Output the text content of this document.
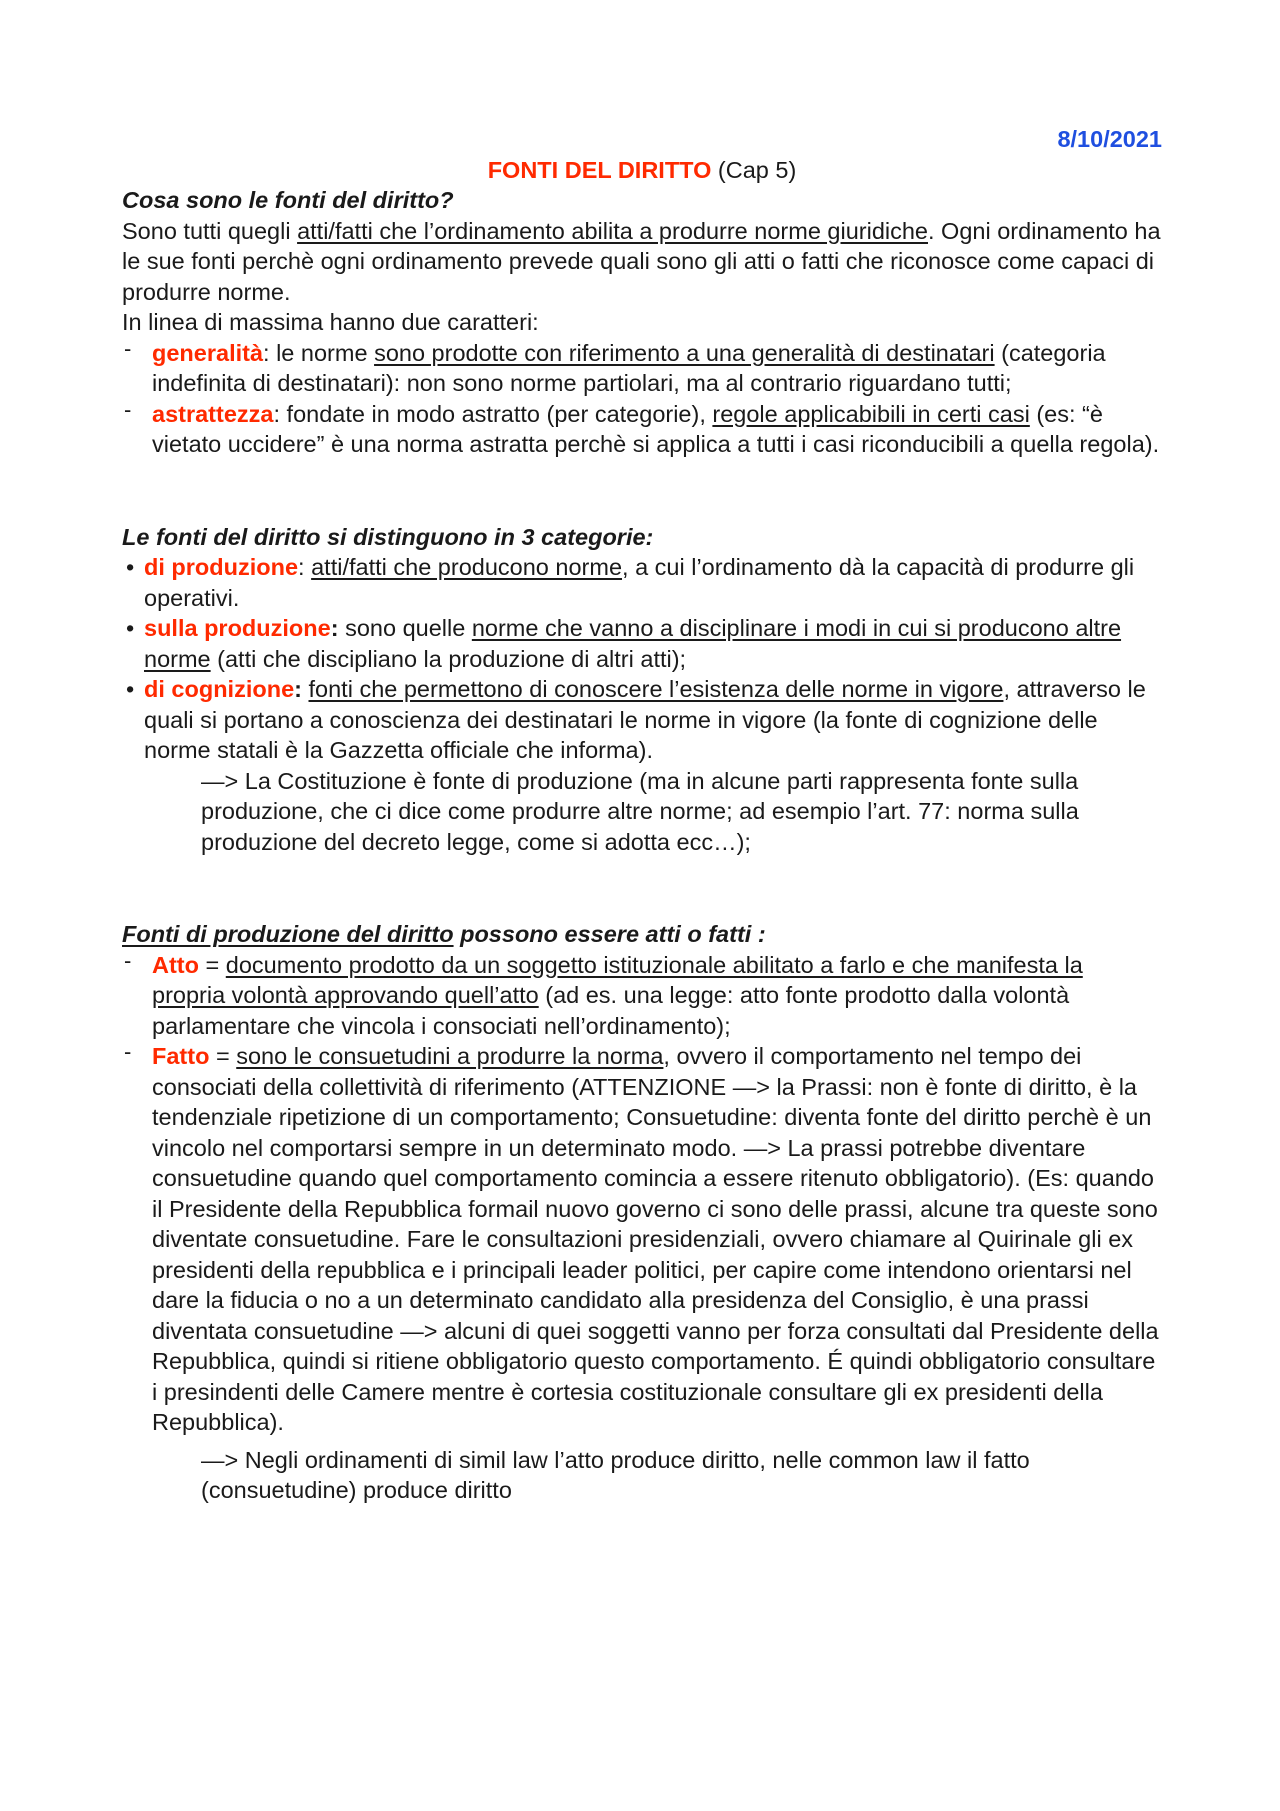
8/10/2021
FONTI DEL DIRITTO (Cap 5)

Cosa sono le fonti del diritto?

Sono tutti quegli atti/fatti che l’ordinamento abilita a produrre norme giuridiche. Ogni ordinamento ha le sue fonti perchè ogni ordinamento prevede quali sono gli atti o fatti che riconosce come capaci di produrre norme.

In linea di massima hanno due caratteri:

- generalità: le norme sono prodotte con riferimento a una generalità di destinatari (categoria indefinita di destinatari): non sono norme partiolari, ma al contrario riguardano tutti;
- astrattezza: fondate in modo astratto (per categorie), regole applicabibili in certi casi (es: “è vietato uccidere” è una norma astratta perchè si applica a tutti i casi riconducibili a quella regola).

Le fonti del diritto si distinguono in 3 categorie:

• di produzione: atti/fatti che producono norme, a cui l’ordinamento dà la capacità di produrre gli operativi.
• sulla produzione: sono quelle norme che vanno a disciplinare i modi in cui si producono altre norme (atti che discipliano la produzione di altri atti);
• di cognizione: fonti che permettono di conoscere l’esistenza delle norme in vigore, attraverso le quali si portano a conoscienza dei destinatari le norme in vigore (la fonte di cognizione delle norme statali è la Gazzetta officiale che informa).

—> La Costituzione è fonte di produzione (ma in alcune parti rappresenta fonte sulla produzione, che ci dice come produrre altre norme; ad esempio l’art. 77: norma sulla produzione del decreto legge, come si adotta ecc…);

Fonti di produzione del diritto possono essere atti o fatti :

- Atto = documento prodotto da un soggetto istituzionale abilitato a farlo e che manifesta la propria volontà approvando quell’atto (ad es. una legge: atto fonte prodotto dalla volontà parlamentare che vincola i consociati nell’ordinamento);
- Fatto = sono le consuetudini a produrre la norma, ovvero il comportamento nel tempo dei consociati della collettività di riferimento (ATTENZIONE —> la Prassi: non è fonte di diritto, è la tendenziale ripetizione di un comportamento; Consuetudine: diventa fonte del diritto perchè è un vincolo nel comportarsi sempre in un determinato modo. —> La prassi potrebbe diventare consuetudine quando quel comportamento comincia a essere ritenuto obbligatorio). (Es: quando il Presidente della Repubblica formail nuovo governo ci sono delle prassi, alcune tra queste sono diventate consuetudine. Fare le consultazioni presidenziali, ovvero chiamare al Quirinale gli ex presidenti della repubblica e i principali leader politici, per capire come intendono orientarsi nel dare la fiducia o no a un determinato candidato alla presidenza del Consiglio, è una prassi diventata consuetudine —> alcuni di quei soggetti vanno per forza consultati dal Presidente della Repubblica, quindi si ritiene obbligatorio questo comportamento. É quindi obbligatorio consultare i presindenti delle Camere mentre è cortesia costituzionale consultare gli ex presidenti della Repubblica).

—> Negli ordinamenti di simil law l’atto produce diritto, nelle common law il fatto (consuetudine) produce diritto
